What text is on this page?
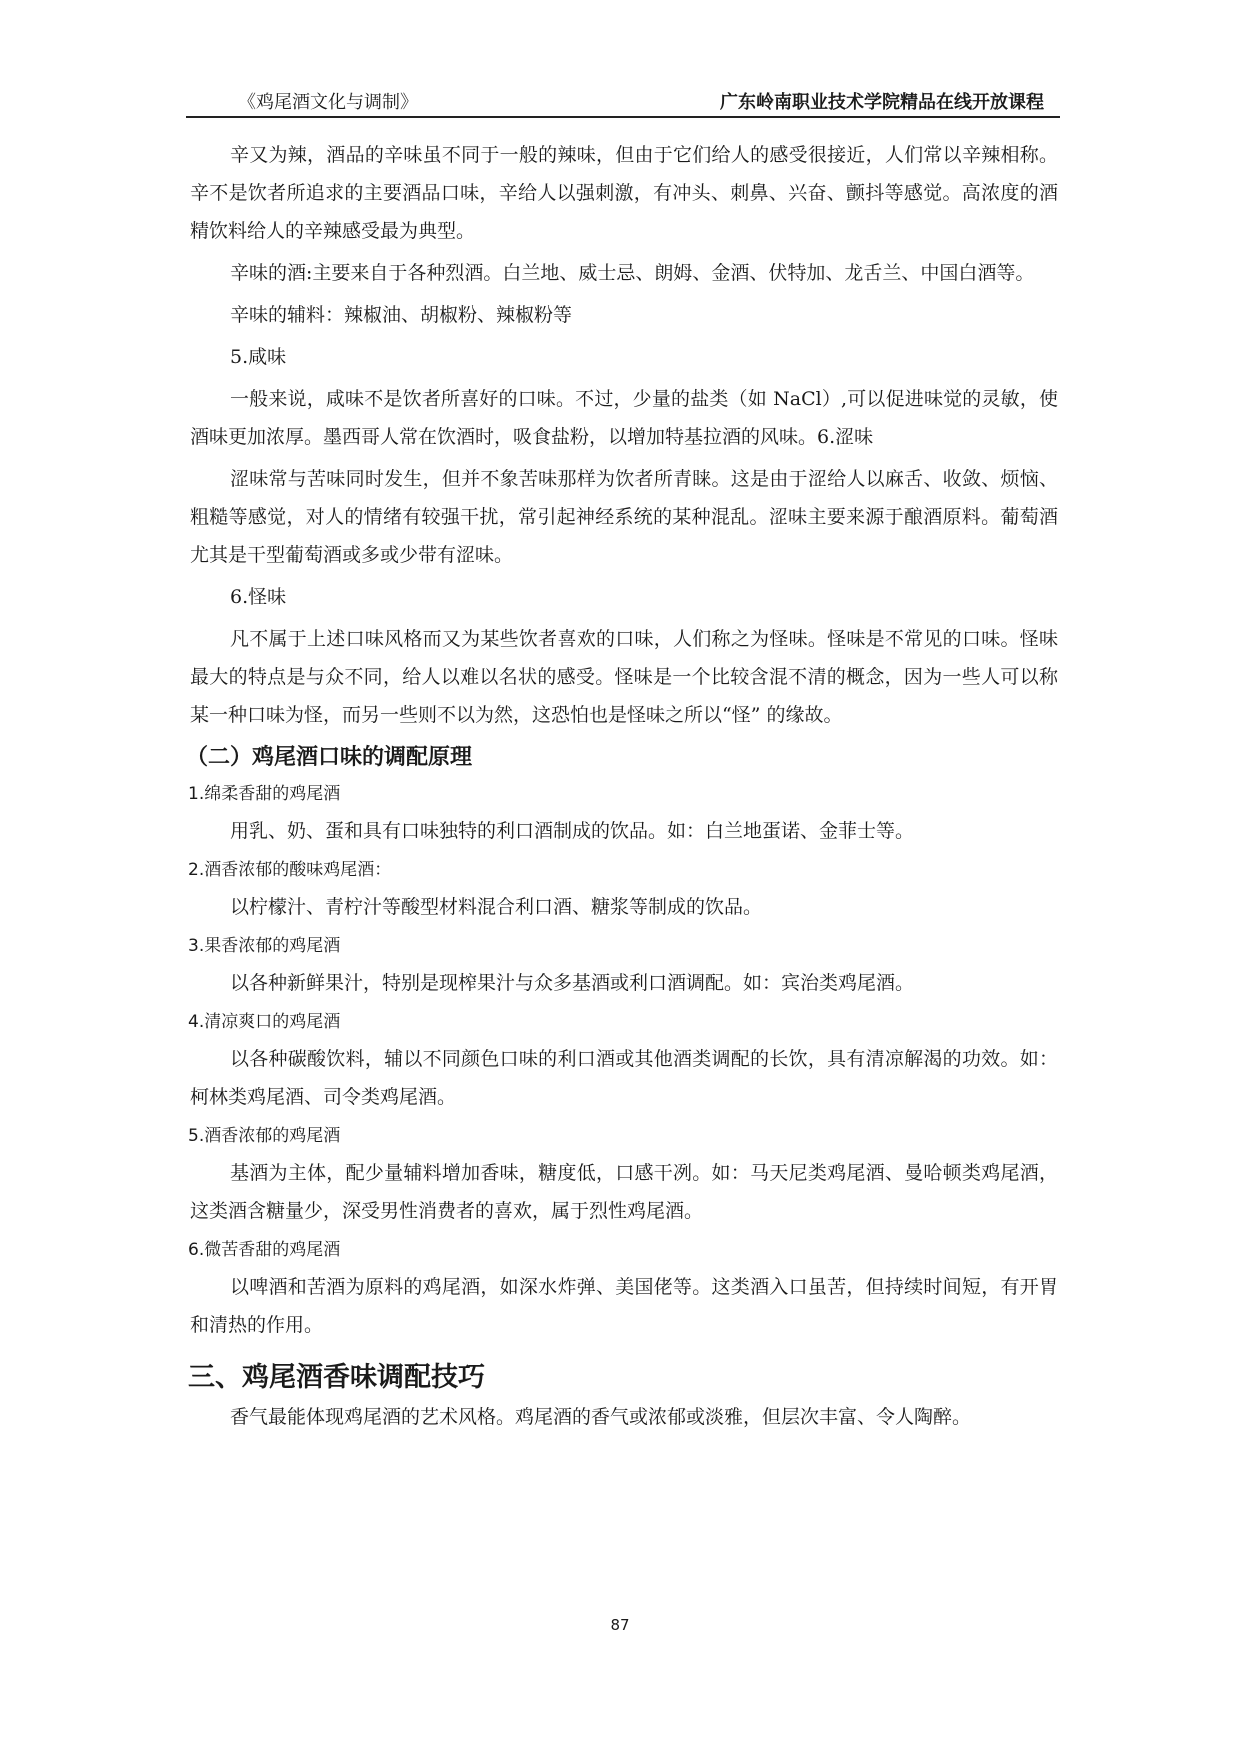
《鸡尾酒文化与调制》	广东岭南职业技术学院精品在线开放课程

辛又为辣，酒品的辛味虽不同于一般的辣味，但由于它们给人的感受很接近，人们常以辛辣相称。辛不是饮者所追求的主要酒品口味，辛给人以强刺激，有冲头、刺鼻、兴奋、颤抖等感觉。高浓度的酒精饮料给人的辛辣感受最为典型。

辛味的酒:主要来自于各种烈酒。白兰地、威士忌、朗姆、金酒、伏特加、龙舌兰、中国白酒等。

辛味的辅料：辣椒油、胡椒粉、辣椒粉等

5.咸味

一般来说，咸味不是饮者所喜好的口味。不过，少量的盐类（如 NaCl）,可以促进味觉的灵敏，使酒味更加浓厚。墨西哥人常在饮酒时，吸食盐粉，以增加特基拉酒的风味。6.涩味

涩味常与苦味同时发生，但并不象苦味那样为饮者所青睐。这是由于涩给人以麻舌、收敛、烦恼、粗糙等感觉，对人的情绪有较强干扰，常引起神经系统的某种混乱。涩味主要来源于酿酒原料。葡萄酒尤其是干型葡萄酒或多或少带有涩味。

6.怪味

凡不属于上述口味风格而又为某些饮者喜欢的口味，人们称之为怪味。怪味是不常见的口味。怪味最大的特点是与众不同，给人以难以名状的感受。怪味是一个比较含混不清的概念，因为一些人可以称某一种口味为怪，而另一些则不以为然，这恐怕也是怪味之所以“怪” 的缘故。

（二）鸡尾酒口味的调配原理
1.绵柔香甜的鸡尾酒

用乳、奶、蛋和具有口味独特的利口酒制成的饮品。如：白兰地蛋诺、金菲士等。

2.酒香浓郁的酸味鸡尾酒：

以柠檬汁、青柠汁等酸型材料混合利口酒、糖浆等制成的饮品。

3.果香浓郁的鸡尾酒

以各种新鲜果汁，特别是现榨果汁与众多基酒或利口酒调配。如：宾治类鸡尾酒。

4.清凉爽口的鸡尾酒

以各种碳酸饮料，辅以不同颜色口味的利口酒或其他酒类调配的长饮，具有清凉解渴的功效。如：柯林类鸡尾酒、司令类鸡尾酒。

5.酒香浓郁的鸡尾酒

基酒为主体，配少量辅料增加香味，糖度低，口感干冽。如：马天尼类鸡尾酒、曼哈顿类鸡尾酒，这类酒含糖量少，深受男性消费者的喜欢，属于烈性鸡尾酒。

6.微苦香甜的鸡尾酒

以啤酒和苦酒为原料的鸡尾酒，如深水炸弹、美国佬等。这类酒入口虽苦，但持续时间短，有开胃和清热的作用。

三、鸡尾酒香味调配技巧

香气最能体现鸡尾酒的艺术风格。鸡尾酒的香气或浓郁或淡雅，但层次丰富、令人陶醉。

87
